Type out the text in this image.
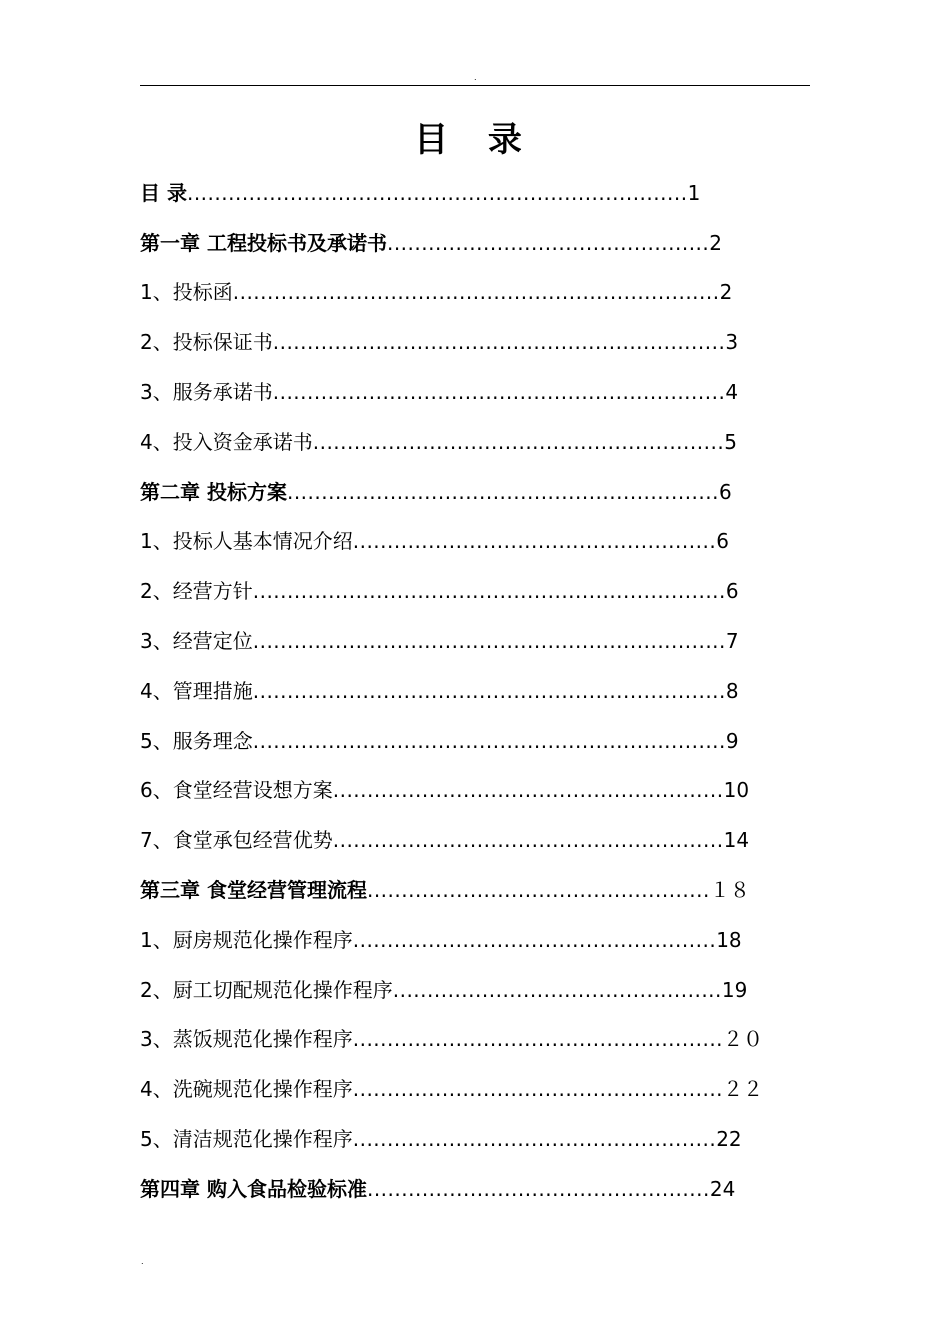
.
目 录
目 录 ......................................................................... 1
第一章 工程投标书及承诺书 ............................................... 2
1、投标函 ....................................................................... 2
2、投标保证书 .................................................................. 3
3、服务承诺书 .................................................................. 4
4、投入资金承诺书 ............................................................ 5
第二章 投标方案 ............................................................... 6
1、投标人基本情况介绍 ..................................................... 6
2、经营方针 ..................................................................... 6
3、经营定位 ..................................................................... 7
4、管理措施 ..................................................................... 8
5、服务理念 ..................................................................... 9
6、食堂经营设想方案 ......................................................... 10
7、食堂承包经营优势 ......................................................... 14
第三章 食堂经营管理流程 .................................................. １８
1、厨房规范化操作程序 ..................................................... 18
2、厨工切配规范化操作程序 ................................................ 19
3、蒸饭规范化操作程序 ...................................................... ２０
4、洗碗规范化操作程序 ...................................................... ２２
5、清洁规范化操作程序 ..................................................... 22
第四章 购入食品检验标准 .................................................. 24
.
